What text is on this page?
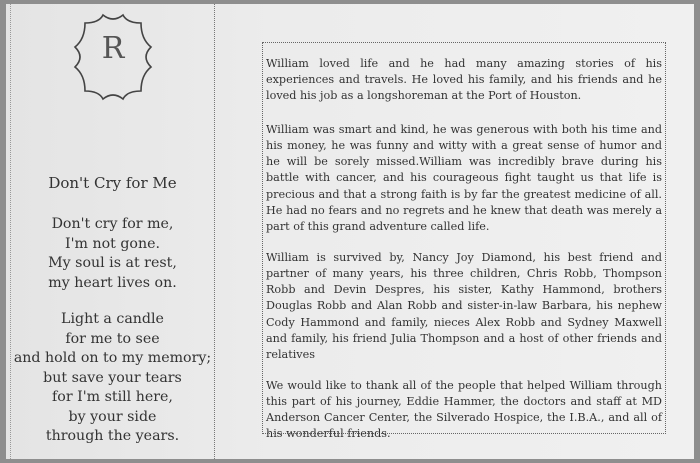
R
Don't Cry for Me
Don't cry for me,
I'm not gone.
My soul is at rest,
my heart lives on.
Light a candle
for me to see
and hold on to my memory;
but save your tears
for I'm still here,
by your side
through the years.

William loved life and he had many amazing stories of his experiences and travels. He loved his family, and his friends and he loved his job as a longshoreman at the Port of Houston.

William was smart and kind, he was generous with both his time and his money, he was funny and witty with a great sense of humor and he will be sorely missed.William was incredibly brave during his battle with cancer, and his courageous fight taught us that life is precious and that a strong faith is by far the greatest medicine of all. He had no fears and no regrets and he knew that death was merely a part of this grand adventure called life.

William is survived by, Nancy Joy Diamond, his best friend and partner of many years, his three children, Chris Robb, Thompson Robb and Devin Despres, his sister, Kathy Hammond, brothers Douglas Robb and Alan Robb and sister-in-law Barbara, his nephew Cody Hammond and family, nieces Alex Robb and Sydney Maxwell and family, his friend Julia Thompson and a host of other friends and relatives

We would like to thank all of the people that helped William through this part of his journey, Eddie Hammer, the doctors and staff at MD Anderson Cancer Center, the Silverado Hospice, the I.B.A., and all of his wonderful friends.
